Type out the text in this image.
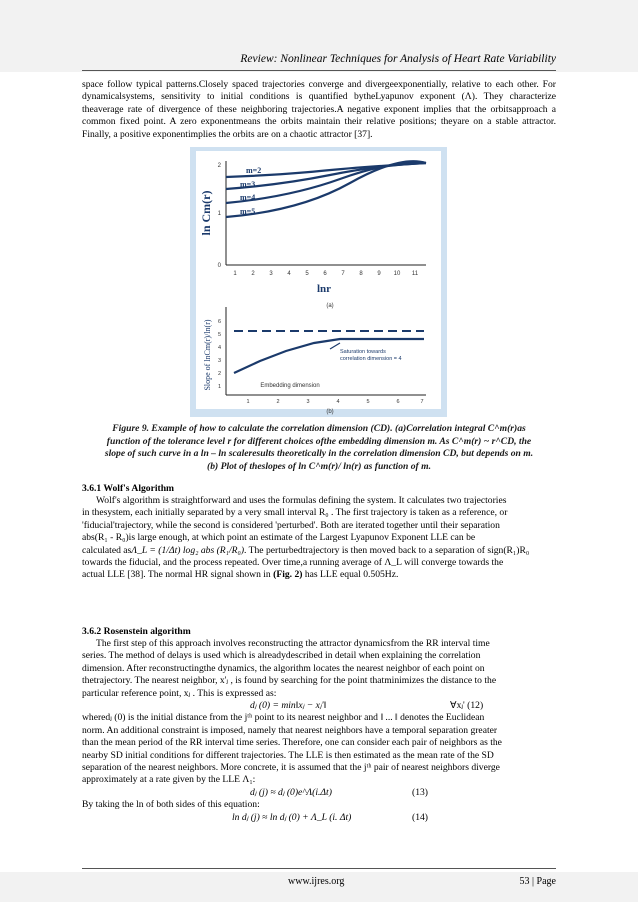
Review: Nonlinear Techniques for Analysis of Heart Rate Variability
space follow typical patterns.Closely spaced trajectories converge and divergeexponentially, relative to each other. For dynamicalsystems, sensitivity to initial conditions is quantified bytheLyapunov exponent (Λ). They characterize theaverage rate of divergence of these neighboring trajectories.A negative exponent implies that the orbitsapproach a common fixed point. A zero exponentmeans the orbits maintain their relative positions; theyare on a stable attractor. Finally, a positive exponentimplies the orbits are on a chaotic attractor [37].
ln Cm(r)
2
1
0
1 2 3 4 5 6 7 8 9 10 11
m=2
m=3
m=4
m=5
lnr
(a)
Slope of lnCm(r)/ln(r) 6
5
4
3
2
1
1	2	3	4	5	6	7
Saturation towards
correlation dimension = 4
Embedding dimension
(b)
Figure 9. Example of how to calculate the correlation dimension (CD). (a)Correlation integral C^m(r)as
function of the tolerance level r for different choices ofthe embedding dimension m. As C^m(r) ~ r^CD, the
slope of such curve in a ln – ln scaleresults theoretically in the correlation dimension CD, but depends on m.
(b) Plot of theslopes of ln C^m(r)/ ln(r) as function of m.
3.6.1 Wolf's Algorithm
Wolf's algorithm is straightforward and uses the formulas defining the system. It calculates two trajectories
in thesystem, each initially separated by a very small interval R₀ . The first trajectory is taken as a reference, or
'fiducial'trajectory, while the second is considered 'perturbed'. Both are iterated together until their separation
abs(R₁ - R₀)is large enough, at which point an estimate of the Largest Lyapunov Exponent LLE can be
calculated asΛ_L = (1/Δt) log₂ abs (R₁/R₀). The perturbedtrajectory is then moved back to a separation of sign(R₁)R₀
towards the fiducial, and the process repeated. Over time,a running average of Λ_L will converge towards the
actual LLE [38]. The normal HR signal shown in (Fig. 2) has LLE equal 0.505Hz.
3.6.2 Rosenstein algorithm
The first step of this approach involves reconstructing the attractor dynamicsfrom the RR interval time
series. The method of delays is used which is alreadydescribed in detail when explaining the correlation
dimension. After reconstructingthe dynamics, the algorithm locates the nearest neighbor of each point on
thetrajectory. The nearest neighbor, x'ⱼ , is found by searching for the point thatminimizes the distance to the
particular reference point, xⱼ . This is expressed as:
dⱼ (0) = min‖xⱼ − xⱼ'‖	∀xⱼ' (12)
wheredⱼ (0) is the initial distance from the jᵗʰ point to its nearest neighbor and ‖ ... ‖ denotes the Euclidean
norm. An additional constraint is imposed, namely that nearest neighbors have a temporal separation greater
than the mean period of the RR interval time series. Therefore, one can consider each pair of neighbors as the
nearby SD initial conditions for different trajectories. The LLE is then estimated as the mean rate of the SD
separation of the nearest neighbors. More concrete, it is assumed that the jᵗʰ pair of nearest neighbors diverge
approximately at a rate given by the LLE Λ₁:
dⱼ (j) ≈ dⱼ (0)e^Λ(i.Δt)	(13)
By taking the ln of both sides of this equation:
ln dⱼ (j) ≈ ln dⱼ (0) + Λ_L (i. Δt)	(14)
www.ijres.org	53 | Page
